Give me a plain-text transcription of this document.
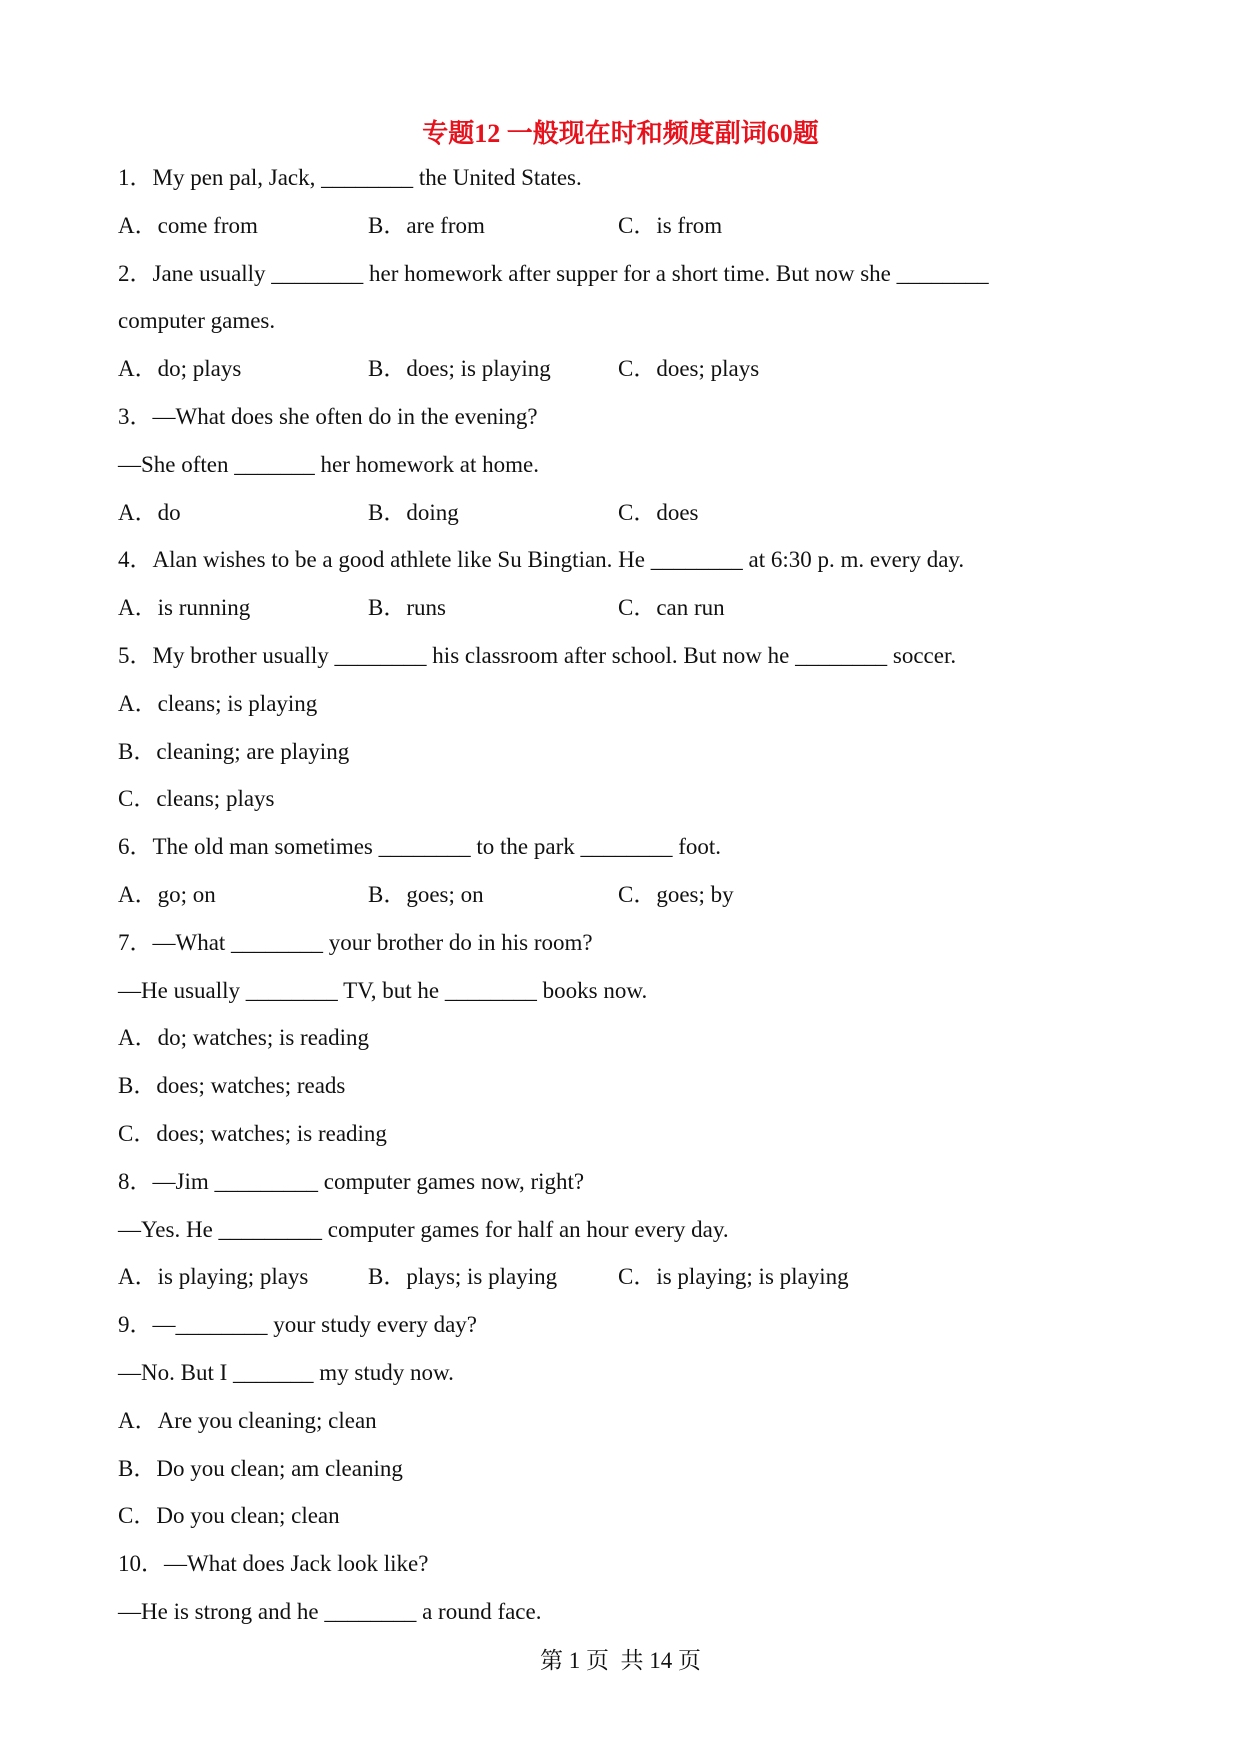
专题12 一般现在时和频度副词60题
1．My pen pal, Jack, ________ the United States.
A．come from	B．are from	C．is from
2．Jane usually ________ her homework after supper for a short time. But now she ________
computer games.
A．do; plays	B．does; is playing	C．does; plays
3．—What does she often do in the evening?
—She often _______ her homework at home.
A．do	B．doing	C．does
4．Alan wishes to be a good athlete like Su Bingtian. He ________ at 6:30 p. m. every day.
A．is running	B．runs	C．can run
5．My brother usually ________ his classroom after school. But now he ________ soccer.
A．cleans; is playing
B．cleaning; are playing
C．cleans; plays
6．The old man sometimes ________ to the park ________ foot.
A．go; on	B．goes; on	C．goes; by
7．—What ________ your brother do in his room?
—He usually ________ TV, but he ________ books now.
A．do; watches; is reading
B．does; watches; reads
C．does; watches; is reading
8．—Jim _________ computer games now, right?
—Yes. He _________ computer games for half an hour every day.
A．is playing; plays	B．plays; is playing	C．is playing; is playing
9．—________ your study every day?
—No. But I _______ my study now.
A．Are you cleaning; clean
B．Do you clean; am cleaning
C．Do you clean; clean
10．—What does Jack look like?
—He is strong and he ________ a round face.
第 1 页  共 14 页
